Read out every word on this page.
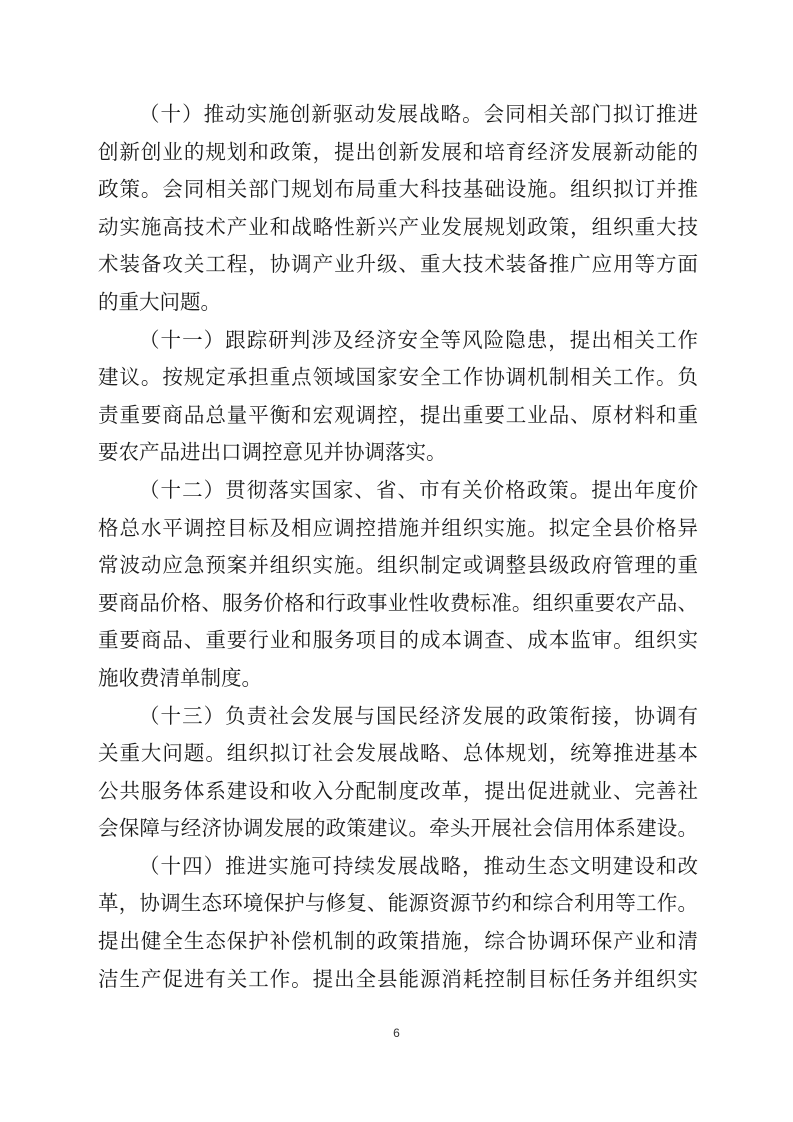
（十）推动实施创新驱动发展战略。会同相关部门拟订推进
创新创业的规划和政策，提出创新发展和培育经济发展新动能的
政策。会同相关部门规划布局重大科技基础设施。组织拟订并推
动实施高技术产业和战略性新兴产业发展规划政策，组织重大技
术装备攻关工程，协调产业升级、重大技术装备推广应用等方面
的重大问题。
（十一）跟踪研判涉及经济安全等风险隐患，提出相关工作
建议。按规定承担重点领域国家安全工作协调机制相关工作。负
责重要商品总量平衡和宏观调控，提出重要工业品、原材料和重
要农产品进出口调控意见并协调落实。
（十二）贯彻落实国家、省、市有关价格政策。提出年度价
格总水平调控目标及相应调控措施并组织实施。拟定全县价格异
常波动应急预案并组织实施。组织制定或调整县级政府管理的重
要商品价格、服务价格和行政事业性收费标准。组织重要农产品、
重要商品、重要行业和服务项目的成本调查、成本监审。组织实
施收费清单制度。
（十三）负责社会发展与国民经济发展的政策衔接，协调有
关重大问题。组织拟订社会发展战略、总体规划，统筹推进基本
公共服务体系建设和收入分配制度改革，提出促进就业、完善社
会保障与经济协调发展的政策建议。牵头开展社会信用体系建设。
（十四）推进实施可持续发展战略，推动生态文明建设和改
革，协调生态环境保护与修复、能源资源节约和综合利用等工作。
提出健全生态保护补偿机制的政策措施，综合协调环保产业和清
洁生产促进有关工作。提出全县能源消耗控制目标任务并组织实
6
